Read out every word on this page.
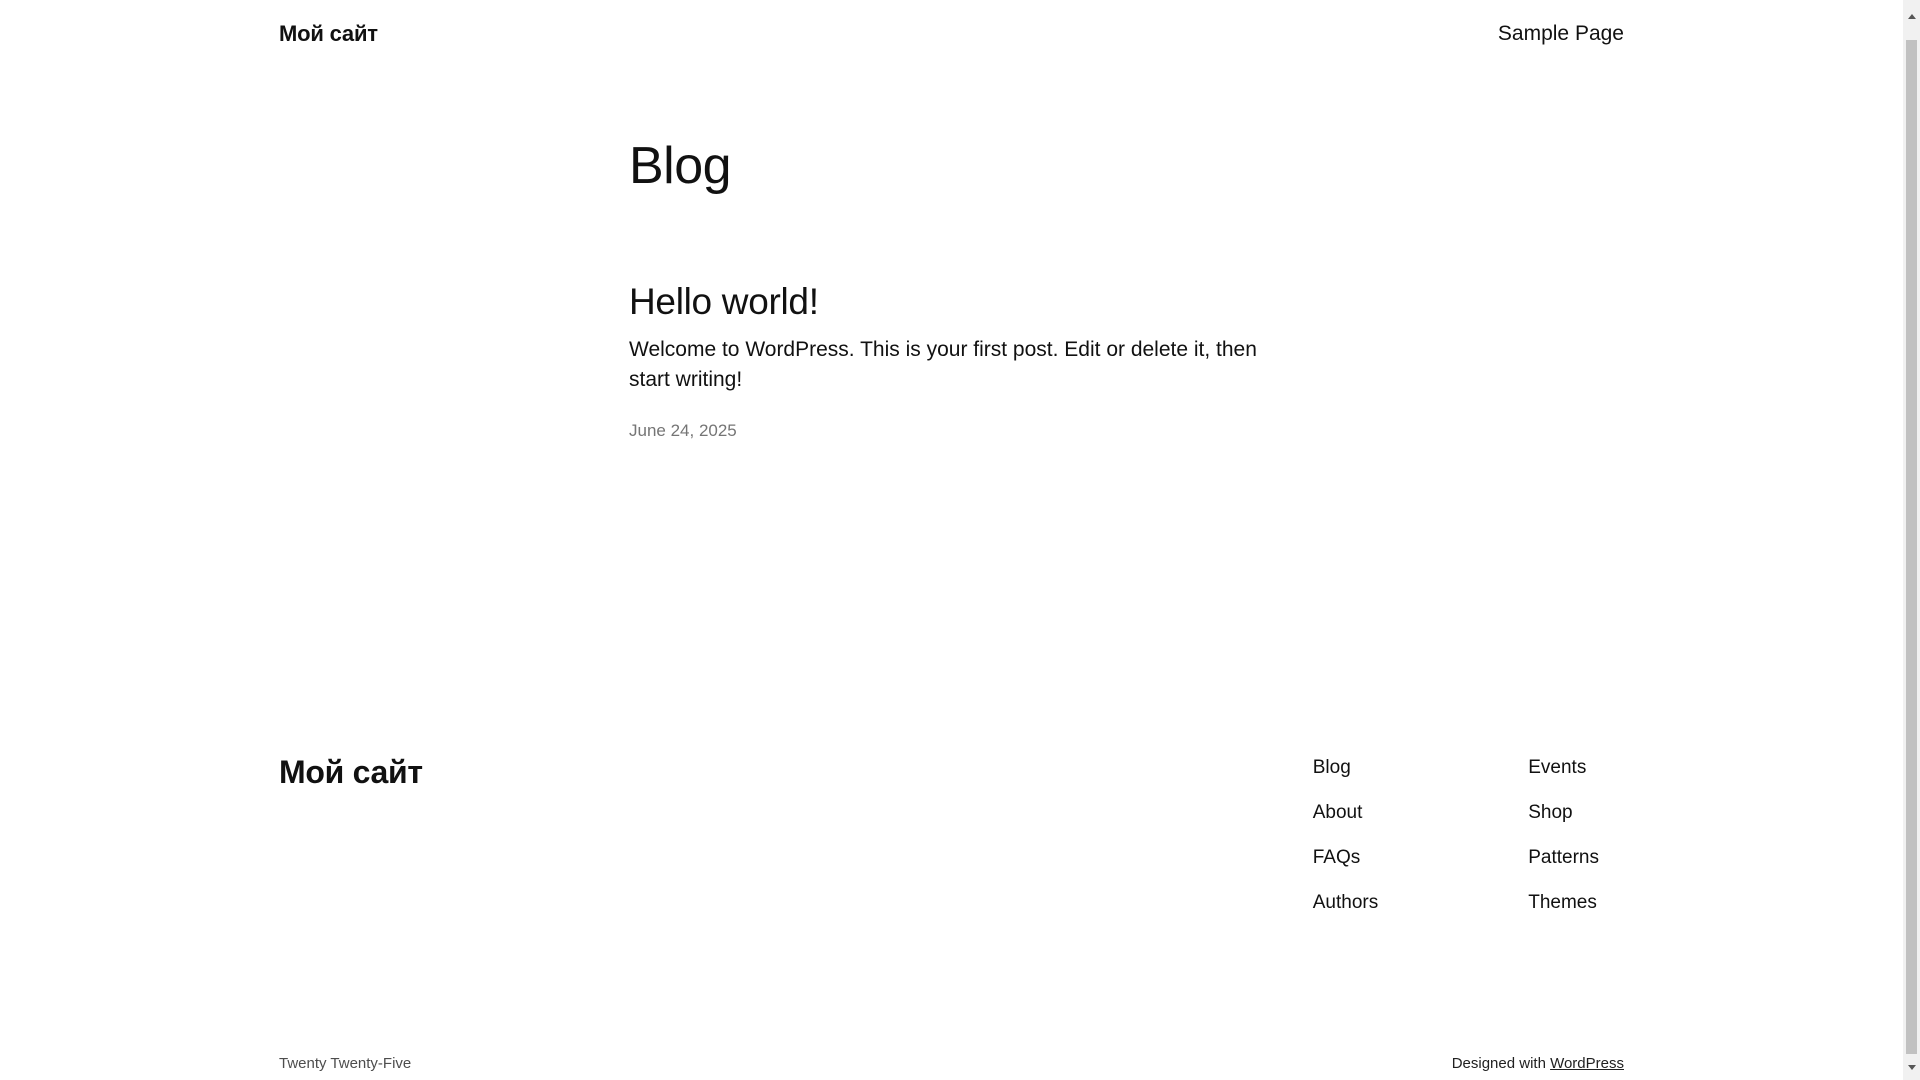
Мой сайт	Sample Page
Blog
Hello world!

Welcome to WordPress. This is your first post. Edit or delete it, then start writing!

June 24, 2025
Мой сайт	Blog
About
FAQs
Authors
Events
Shop
Patterns
Themes
Twenty Twenty-Five	Designed with WordPress
